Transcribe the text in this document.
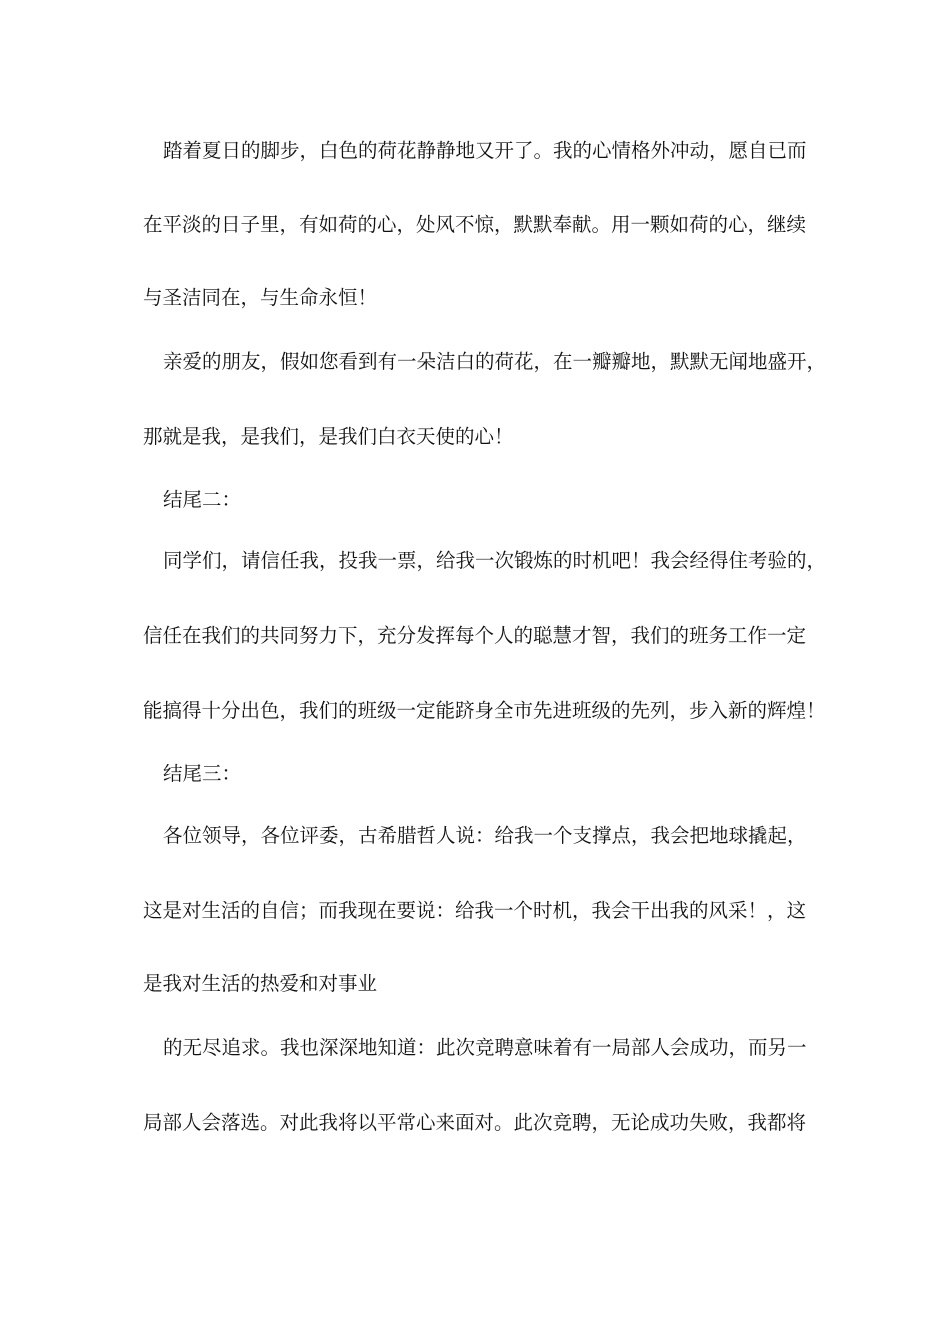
踏着夏日的脚步，白色的荷花静静地又开了。我的心情格外冲动，愿自已而
在平淡的日子里，有如荷的心，处风不惊，默默奉献。用一颗如荷的心，继续
与圣洁同在，与生命永恒！
亲爱的朋友，假如您看到有一朵洁白的荷花，在一瓣瓣地，默默无闻地盛开，
那就是我，是我们，是我们白衣天使的心！
结尾二：
同学们，请信任我，投我一票，给我一次锻炼的时机吧！我会经得住考验的，
信任在我们的共同努力下，充分发挥每个人的聪慧才智，我们的班务工作一定
能搞得十分出色，我们的班级一定能跻身全市先进班级的先列，步入新的辉煌！
结尾三：
各位领导，各位评委，古希腊哲人说：给我一个支撑点，我会把地球撬起，
这是对生活的自信；而我现在要说：给我一个时机，我会干出我的风采！，这
是我对生活的热爱和对事业
的无尽追求。我也深深地知道：此次竞聘意味着有一局部人会成功，而另一
局部人会落选。对此我将以平常心来面对。此次竞聘，无论成功失败，我都将
